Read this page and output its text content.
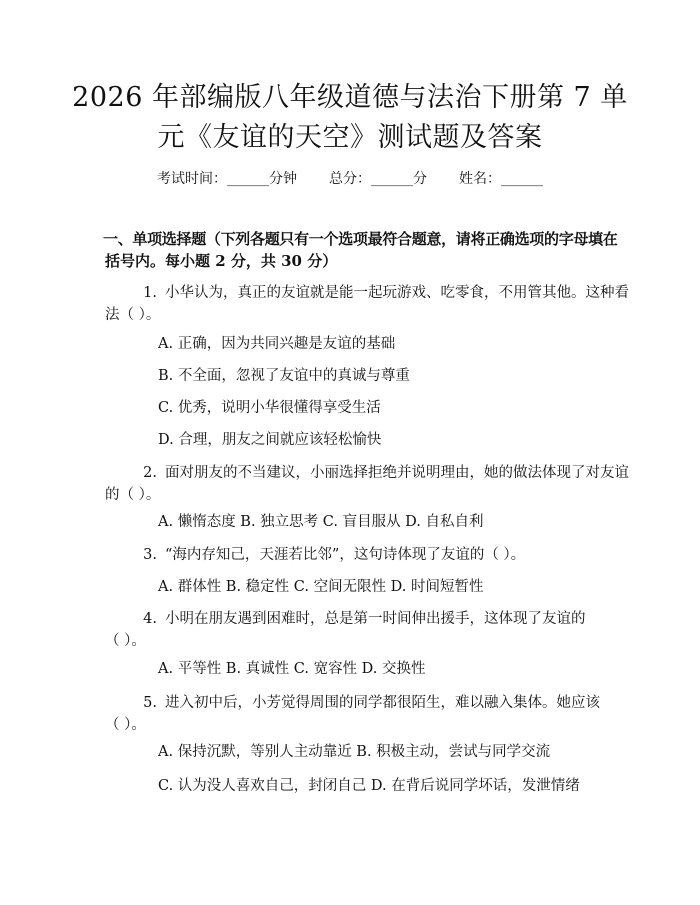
2026 年部编版八年级道德与法治下册第 7 单
元《友谊的天空》测试题及答案
考试时间：______分钟 总分：______分 姓名：______
一、单项选择题（下列各题只有一个选项最符合题意，请将正确选项的字母填在
括号内。每小题 2 分，共 30 分）
1. 小华认为，真正的友谊就是能一起玩游戏、吃零食，不用管其他。这种看
法（ ）。
A. 正确，因为共同兴趣是友谊的基础
B. 不全面，忽视了友谊中的真诚与尊重
C. 优秀，说明小华很懂得享受生活
D. 合理，朋友之间就应该轻松愉快
2. 面对朋友的不当建议，小丽选择拒绝并说明理由，她的做法体现了对友谊
的（ ）。
A. 懒惰态度 B. 独立思考 C. 盲目服从 D. 自私自利
3. “海内存知己，天涯若比邻”，这句诗体现了友谊的（ ）。
A. 群体性 B. 稳定性 C. 空间无限性 D. 时间短暂性
4. 小明在朋友遇到困难时，总是第一时间伸出援手，这体现了友谊的
（ ）。
A. 平等性 B. 真诚性 C. 宽容性 D. 交换性
5. 进入初中后，小芳觉得周围的同学都很陌生，难以融入集体。她应该
（ ）。
A. 保持沉默，等别人主动靠近 B. 积极主动，尝试与同学交流
C. 认为没人喜欢自己，封闭自己 D. 在背后说同学坏话，发泄情绪
